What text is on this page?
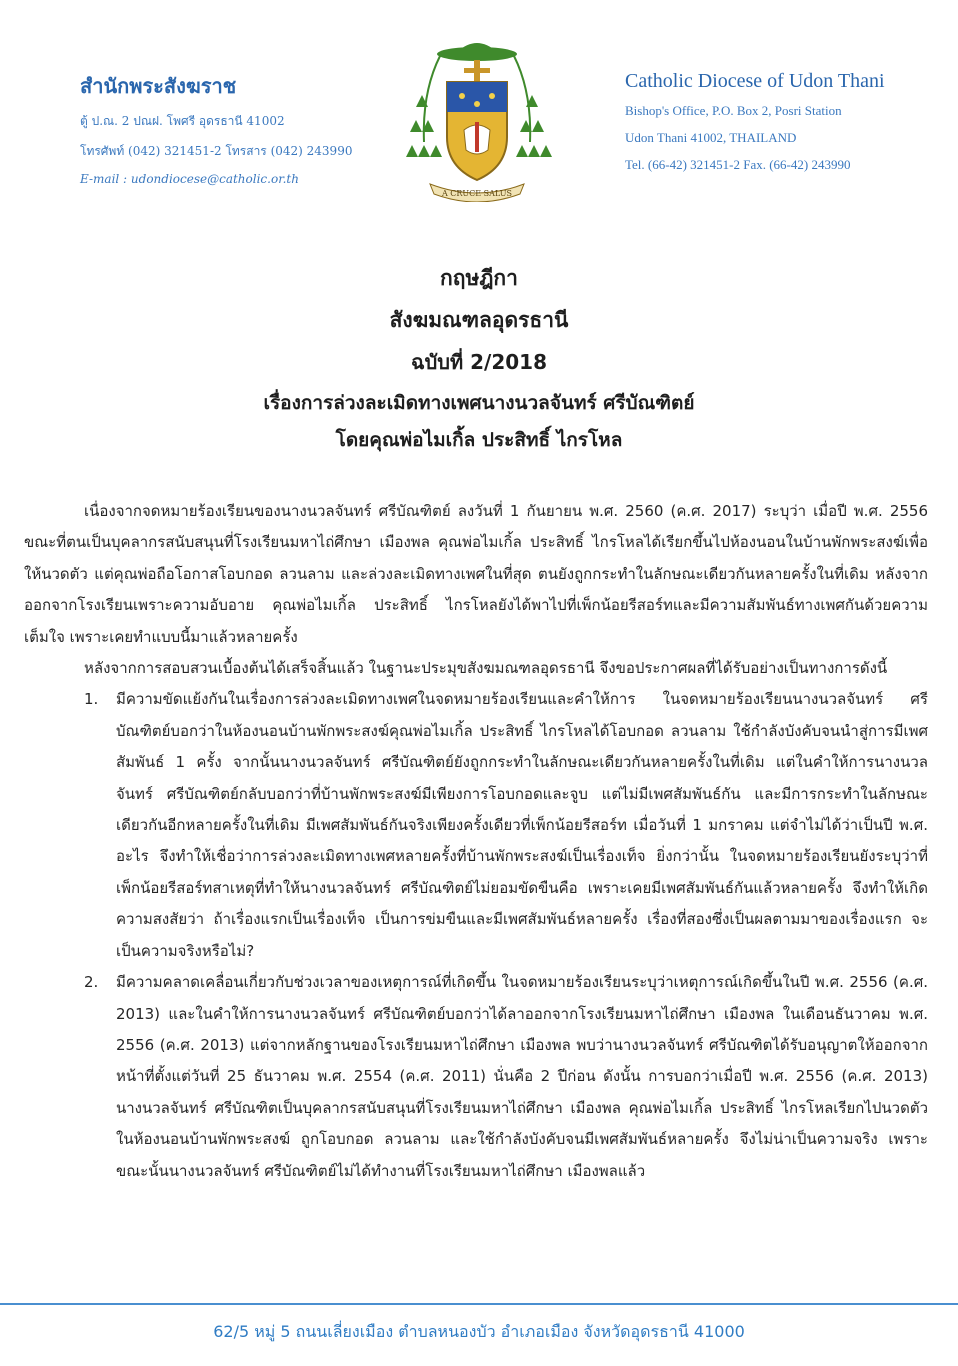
สำนักพระสังฆราช
ตู้ ป.ณ. 2 ปณฝ. โพศรี อุดรธานี 41002
โทรศัพท์ (042) 321451-2 โทรสาร (042) 243990
E-mail : udondiocese@catholic.or.th
A CRUCE SALUS
Catholic Diocese of Udon Thani
Bishop's Office, P.O. Box 2, Posri Station
Udon Thani 41002, THAILAND
Tel. (66-42) 321451-2 Fax. (66-42) 243990
กฤษฎีกา
สังฆมณฑลอุดรธานี
ฉบับที่ 2/2018
เรื่องการล่วงละเมิดทางเพศนางนวลจันทร์ ศรีบัณฑิตย์
โดยคุณพ่อไมเกิ้ล ประสิทธิ์ ไกรโหล

เนื่องจากจดหมายร้องเรียนของนางนวลจันทร์ ศรีบัณฑิตย์ ลงวันที่ 1 กันยายน พ.ศ. 2560 (ค.ศ. 2017) ระบุว่า เมื่อปี พ.ศ. 2556 ขณะที่ตนเป็นบุคลากรสนับสนุนที่โรงเรียนมหาไถ่ศึกษา เมืองพล คุณพ่อไมเกิ้ล ประสิทธิ์ ไกรโหลได้เรียกขึ้นไปห้องนอนในบ้านพักพระสงฆ์เพื่อให้นวดตัว แต่คุณพ่อถือโอกาสโอบกอด ลวนลาม และล่วงละเมิดทางเพศในที่สุด ตนยังถูกกระทำในลักษณะเดียวกันหลายครั้งในที่เดิม หลังจากออกจากโรงเรียนเพราะความอับอาย คุณพ่อไมเกิ้ล ประสิทธิ์ ไกรโหลยังได้พาไปที่เพ็กน้อยรีสอร์ทและมีความสัมพันธ์ทางเพศกันด้วยความเต็มใจ เพราะเคยทำแบบนี้มาแล้วหลายครั้ง

หลังจากการสอบสวนเบื้องต้นได้เสร็จสิ้นแล้ว ในฐานะประมุขสังฆมณฑลอุดรธานี จึงขอประกาศผลที่ได้รับอย่างเป็นทางการดังนี้

1. มีความขัดแย้งกันในเรื่องการล่วงละเมิดทางเพศในจดหมายร้องเรียนและคำให้การ ในจดหมายร้องเรียนนางนวลจันทร์ ศรีบัณฑิตย์บอกว่าในห้องนอนบ้านพักพระสงฆ์คุณพ่อไมเกิ้ล ประสิทธิ์ ไกรโหลได้โอบกอด ลวนลาม ใช้กำลังบังคับจนนำสู่การมีเพศสัมพันธ์ 1 ครั้ง จากนั้นนางนวลจันทร์ ศรีบัณฑิตย์ยังถูกกระทำในลักษณะเดียวกันหลายครั้งในที่เดิม แต่ในคำให้การนางนวลจันทร์ ศรีบัณฑิตย์กลับบอกว่าที่บ้านพักพระสงฆ์มีเพียงการโอบกอดและจูบ แต่ไม่มีเพศสัมพันธ์กัน และมีการกระทำในลักษณะเดียวกันอีกหลายครั้งในที่เดิม มีเพศสัมพันธ์กันจริงเพียงครั้งเดียวที่เพ็กน้อยรีสอร์ท เมื่อวันที่ 1 มกราคม แต่จำไม่ได้ว่าเป็นปี พ.ศ. อะไร จึงทำให้เชื่อว่าการล่วงละเมิดทางเพศหลายครั้งที่บ้านพักพระสงฆ์เป็นเรื่องเท็จ ยิ่งกว่านั้น ในจดหมายร้องเรียนยังระบุว่าที่เพ็กน้อยรีสอร์ทสาเหตุที่ทำให้นางนวลจันทร์ ศรีบัณฑิตย์ไม่ยอมขัดขืนคือ เพราะเคยมีเพศสัมพันธ์กันแล้วหลายครั้ง จึงทำให้เกิดความสงสัยว่า ถ้าเรื่องแรกเป็นเรื่องเท็จ เป็นการข่มขืนและมีเพศสัมพันธ์หลายครั้ง เรื่องที่สองซึ่งเป็นผลตามมาของเรื่องแรก จะเป็นความจริงหรือไม่?
2. มีความคลาดเคลื่อนเกี่ยวกับช่วงเวลาของเหตุการณ์ที่เกิดขึ้น ในจดหมายร้องเรียนระบุว่าเหตุการณ์เกิดขึ้นในปี พ.ศ. 2556 (ค.ศ. 2013) และในคำให้การนางนวลจันทร์ ศรีบัณฑิตย์บอกว่าได้ลาออกจากโรงเรียนมหาไถ่ศึกษา เมืองพล ในเดือนธันวาคม พ.ศ. 2556 (ค.ศ. 2013) แต่จากหลักฐานของโรงเรียนมหาไถ่ศึกษา เมืองพล พบว่านางนวลจันทร์ ศรีบัณฑิตได้รับอนุญาตให้ออกจากหน้าที่ตั้งแต่วันที่ 25 ธันวาคม พ.ศ. 2554 (ค.ศ. 2011) นั่นคือ 2 ปีก่อน ดังนั้น การบอกว่าเมื่อปี พ.ศ. 2556 (ค.ศ. 2013) นางนวลจันทร์ ศรีบัณฑิตเป็นบุคลากรสนับสนุนที่โรงเรียนมหาไถ่ศึกษา เมืองพล คุณพ่อไมเกิ้ล ประสิทธิ์ ไกรโหลเรียกไปนวดตัวในห้องนอนบ้านพักพระสงฆ์ ถูกโอบกอด ลวนลาม และใช้กำลังบังคับจนมีเพศสัมพันธ์หลายครั้ง จึงไม่น่าเป็นความจริง เพราะขณะนั้นนางนวลจันทร์ ศรีบัณฑิตย์ไม่ได้ทำงานที่โรงเรียนมหาไถ่ศึกษา เมืองพลแล้ว
62/5 หมู่ 5 ถนนเลี่ยงเมือง ตำบลหนองบัว อำเภอเมือง จังหวัดอุดรธานี 41000
